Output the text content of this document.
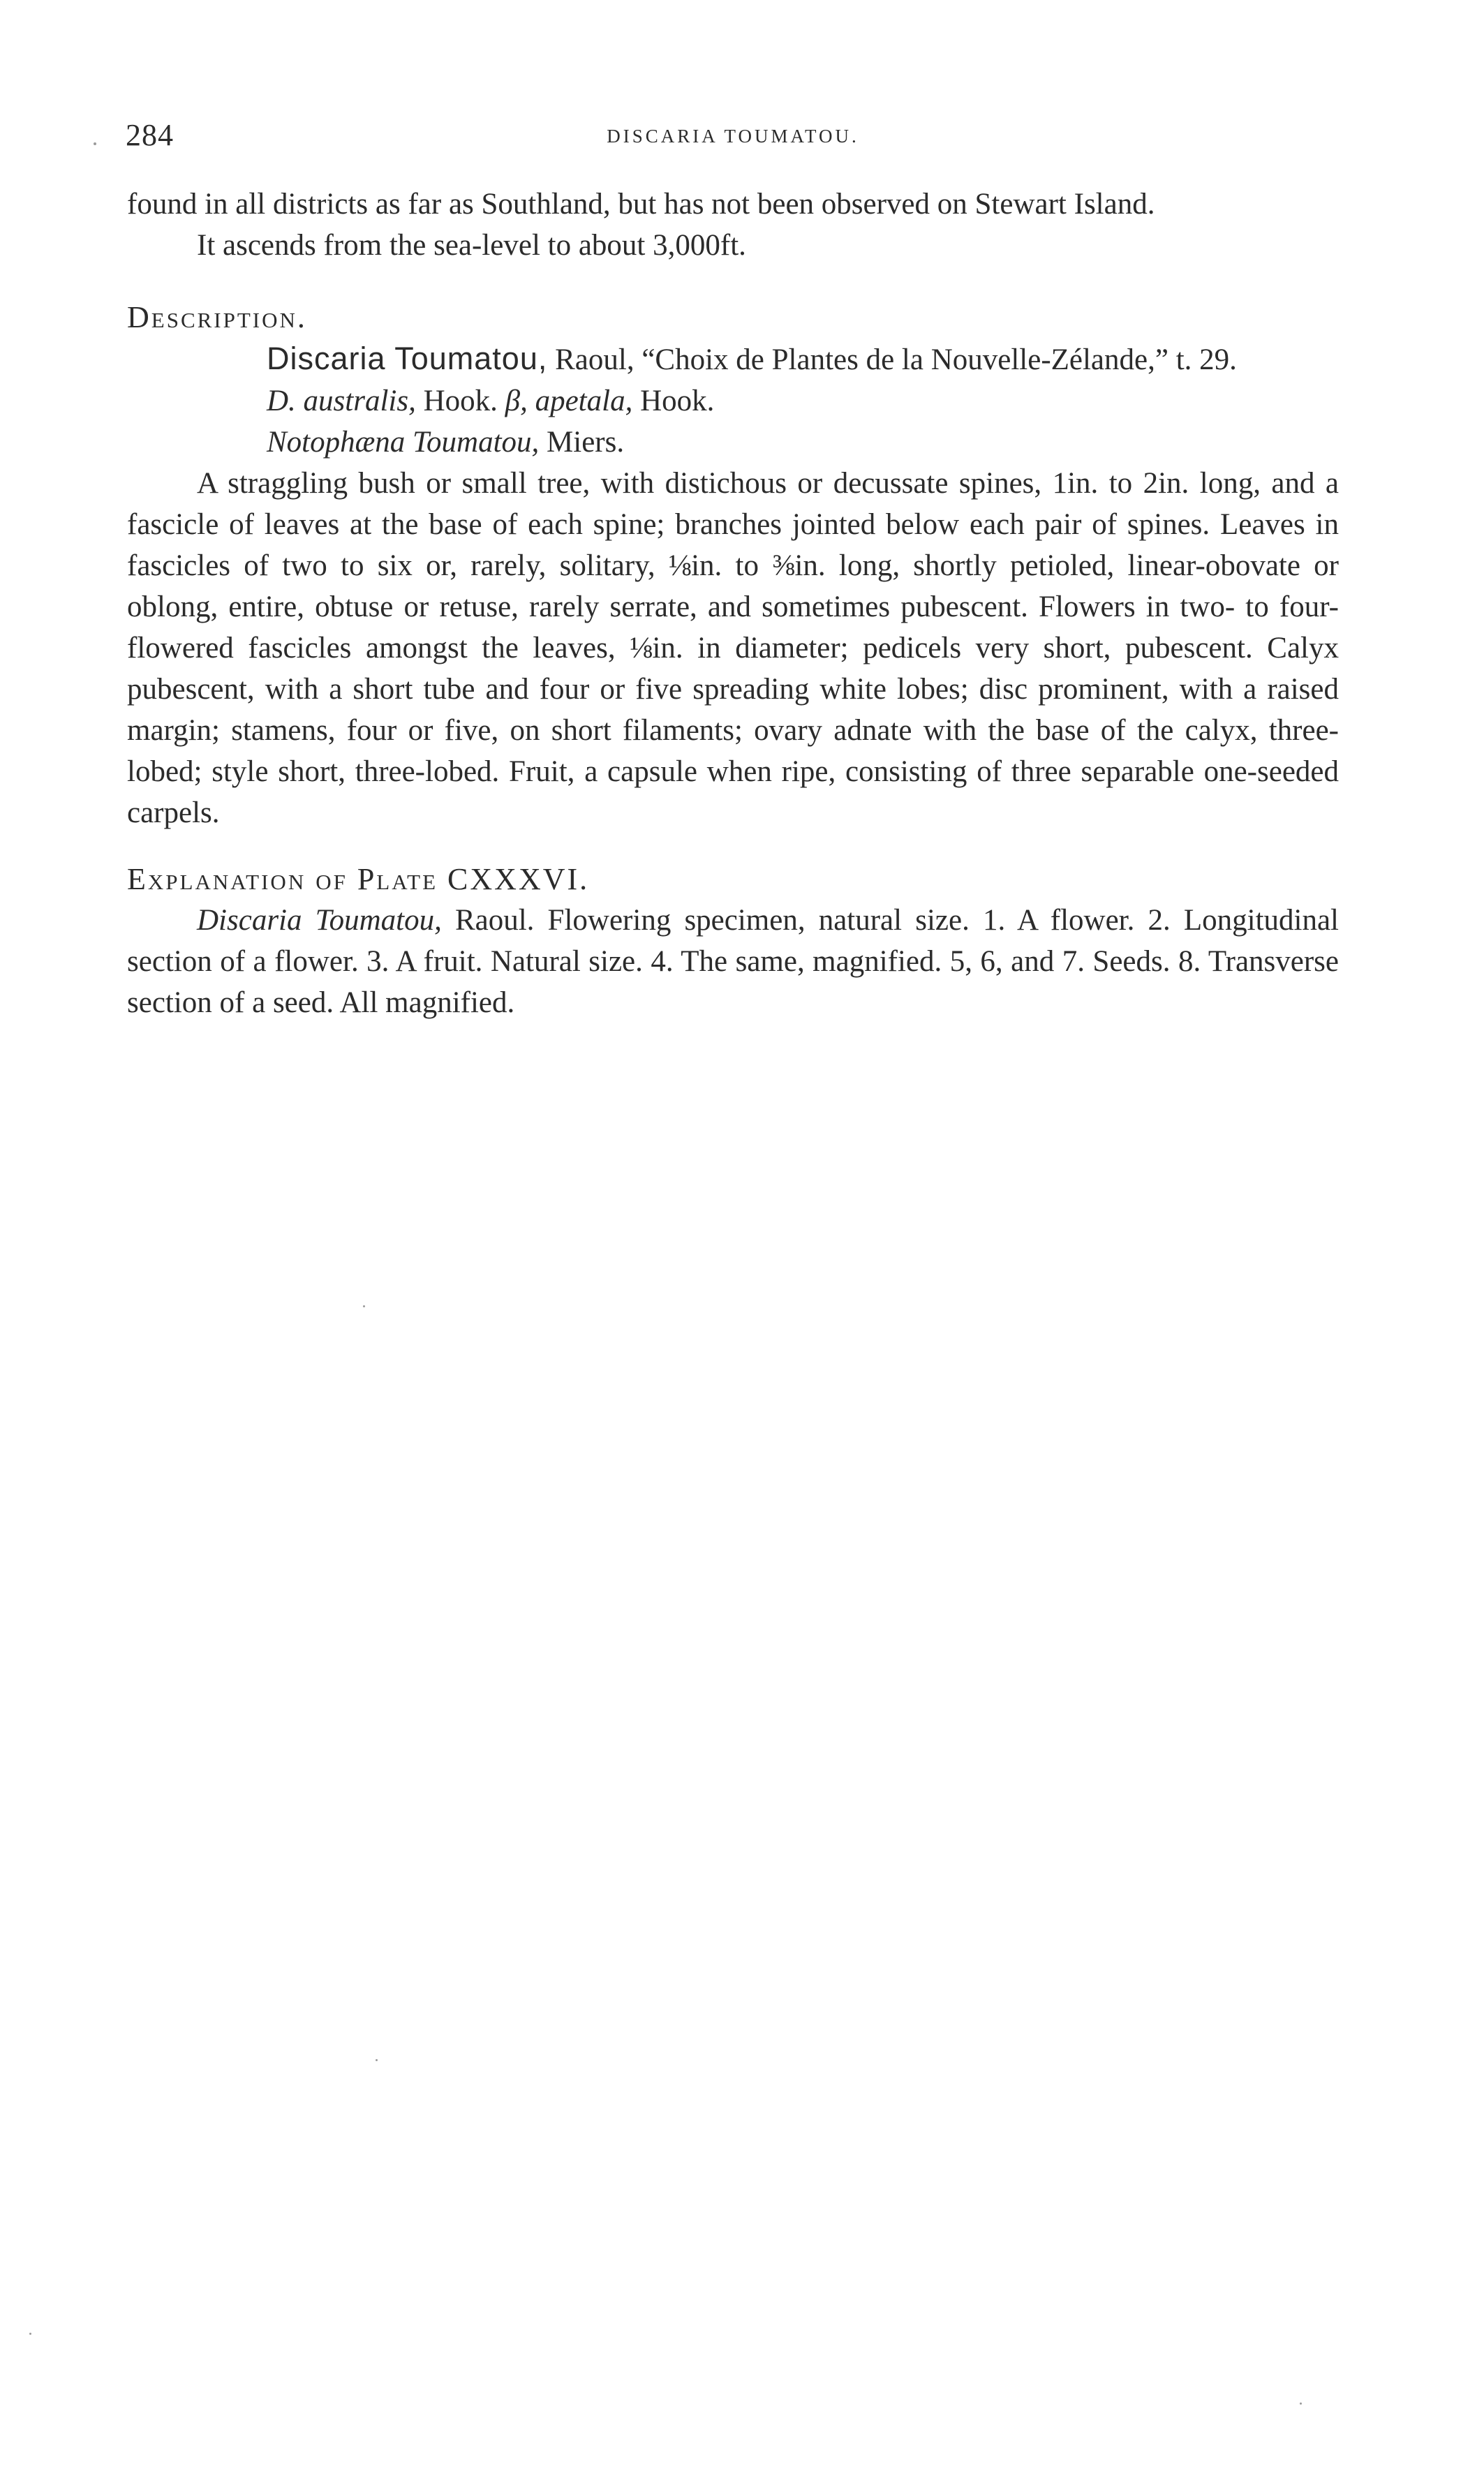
284	DISCARIA TOUMATOU.

found in all districts as far as Southland, but has not been observed on Stewart Island.

It ascends from the sea-level to about 3,000ft.

Description.

Discaria Toumatou, Raoul, “Choix de Plantes de la Nouvelle-Zélande,” t. 29.

D. australis, Hook. β, apetala, Hook.

Notophæna Toumatou, Miers.

A straggling bush or small tree, with distichous or decussate spines, 1in. to 2in. long, and a fascicle of leaves at the base of each spine; branches jointed below each pair of spines. Leaves in fascicles of two to six or, rarely, solitary, ⅛in. to ⅜in. long, shortly petioled, linear-obovate or oblong, entire, obtuse or retuse, rarely serrate, and sometimes pubescent. Flowers in two- to four-flowered fascicles amongst the leaves, ⅛in. in diameter; pedicels very short, pubescent. Calyx pubescent, with a short tube and four or five spreading white lobes; disc prominent, with a raised margin; stamens, four or five, on short filaments; ovary adnate with the base of the calyx, three-lobed; style short, three-lobed. Fruit, a capsule when ripe, consisting of three separable one-seeded carpels.

Explanation of Plate CXXXVI.

Discaria Toumatou, Raoul. Flowering specimen, natural size. 1. A flower. 2. Longitudinal section of a flower. 3. A fruit. Natural size. 4. The same, magnified. 5, 6, and 7. Seeds. 8. Transverse section of a seed. All magnified.
